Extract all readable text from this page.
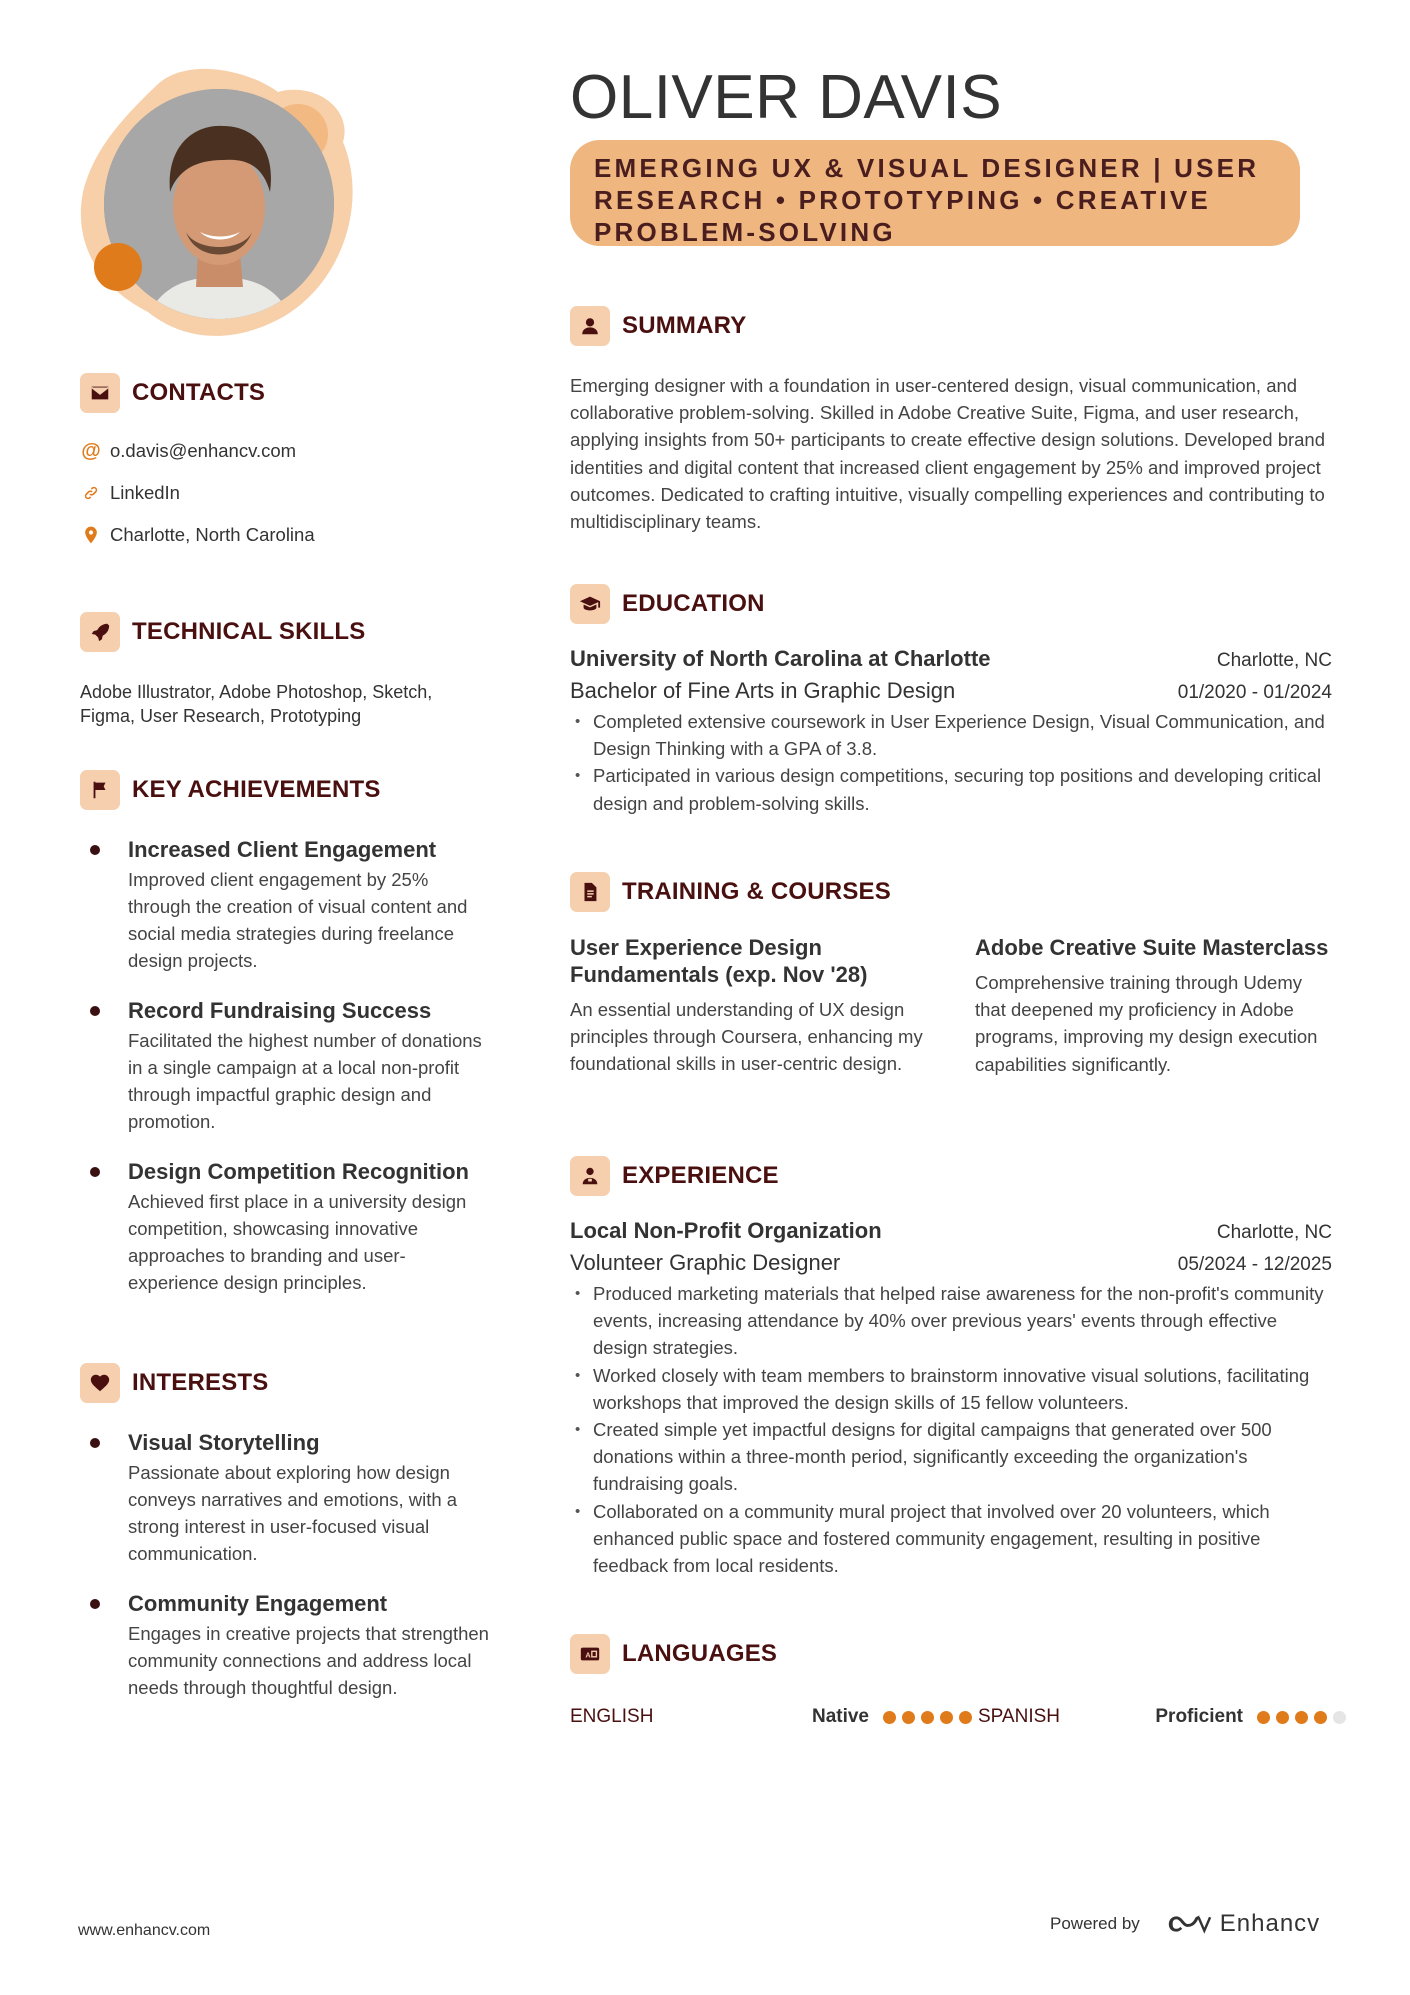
OLIVER DAVIS
EMERGING UX & VISUAL DESIGNER | USER RESEARCH • PROTOTYPING • CREATIVE PROBLEM-SOLVING
CONTACTS
@ o.davis@enhancv.com
LinkedIn
Charlotte, North Carolina
TECHNICAL SKILLS
Adobe Illustrator, Adobe Photoshop, Sketch, Figma, User Research, Prototyping
KEY ACHIEVEMENTS
Increased Client Engagement
Improved client engagement by 25% through the creation of visual content and social media strategies during freelance design projects.
Record Fundraising Success
Facilitated the highest number of donations in a single campaign at a local non-profit through impactful graphic design and promotion.
Design Competition Recognition
Achieved first place in a university design competition, showcasing innovative approaches to branding and user-experience design principles.
INTERESTS
Visual Storytelling
Passionate about exploring how design conveys narratives and emotions, with a strong interest in user-focused visual communication.
Community Engagement
Engages in creative projects that strengthen community connections and address local needs through thoughtful design.
SUMMARY
Emerging designer with a foundation in user-centered design, visual communication, and collaborative problem-solving. Skilled in Adobe Creative Suite, Figma, and user research, applying insights from 50+ participants to create effective design solutions. Developed brand identities and digital content that increased client engagement by 25% and improved project outcomes. Dedicated to crafting intuitive, visually compelling experiences and contributing to multidisciplinary teams.
EDUCATION
University of North Carolina at Charlotte	Charlotte, NC
Bachelor of Fine Arts in Graphic Design	01/2020 - 01/2024
• Completed extensive coursework in User Experience Design, Visual Communication, and Design Thinking with a GPA of 3.8.
• Participated in various design competitions, securing top positions and developing critical design and problem-solving skills.
TRAINING & COURSES
User Experience Design Fundamentals (exp. Nov '28)
An essential understanding of UX design principles through Coursera, enhancing my foundational skills in user-centric design.
Adobe Creative Suite Masterclass
Comprehensive training through Udemy that deepened my proficiency in Adobe programs, improving my design execution capabilities significantly.
EXPERIENCE
Local Non-Profit Organization	Charlotte, NC
Volunteer Graphic Designer	05/2024 - 12/2025
• Produced marketing materials that helped raise awareness for the non-profit's community events, increasing attendance by 40% over previous years' events through effective design strategies.
• Worked closely with team members to brainstorm innovative visual solutions, facilitating workshops that improved the design skills of 15 fellow volunteers.
• Created simple yet impactful designs for digital campaigns that generated over 500 donations within a three-month period, significantly exceeding the organization's fundraising goals.
• Collaborated on a community mural project that involved over 20 volunteers, which enhanced public space and fostered community engagement, resulting in positive feedback from local residents.
A LANGUAGES
ENGLISH	Native	SPANISH	Proficient
www.enhancv.com	Powered by	Enhancv
